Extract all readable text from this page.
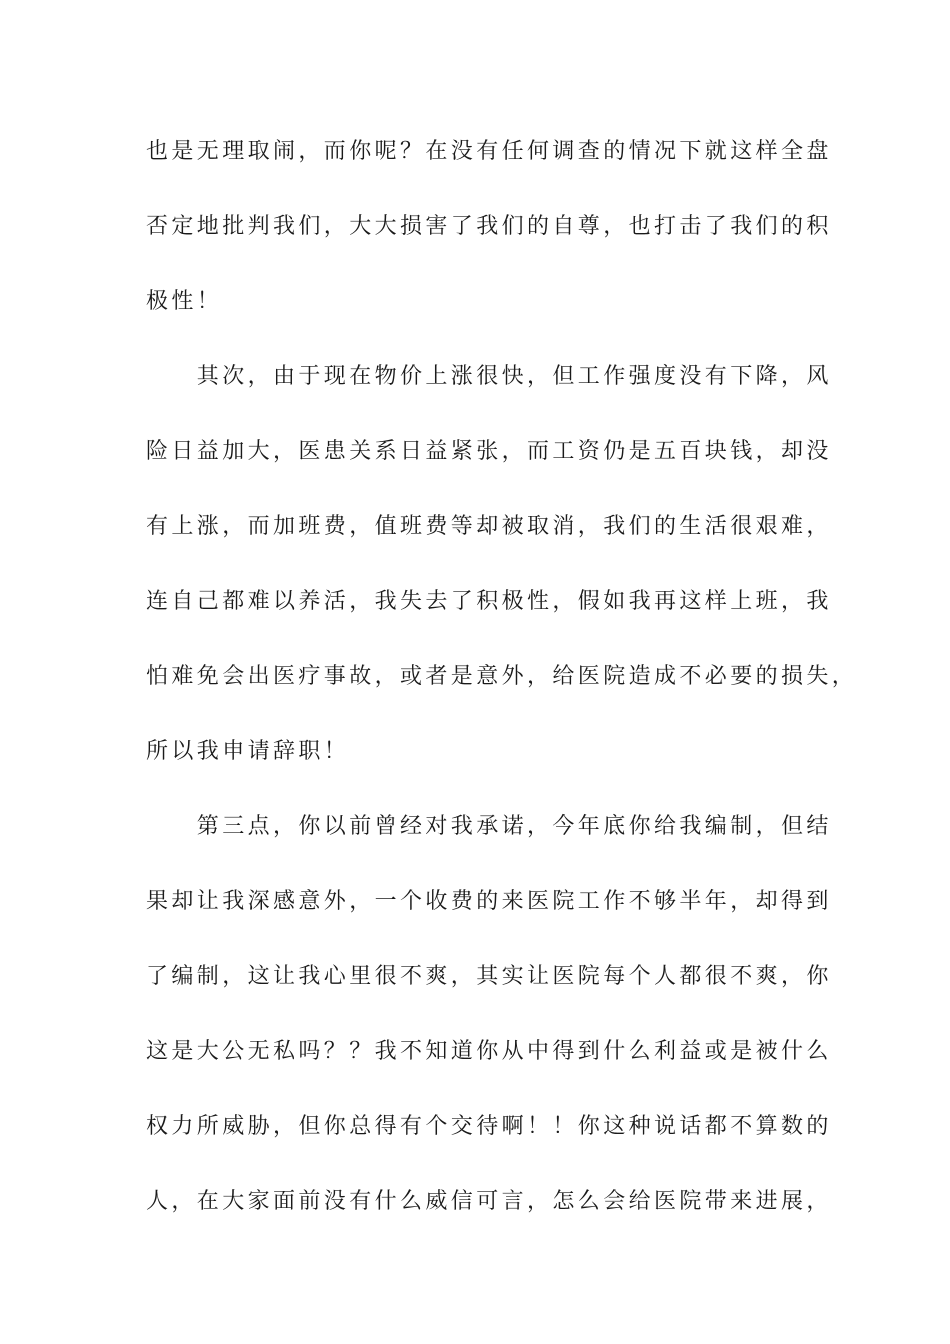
也是无理取闹，而你呢？在没有任何调查的情况下就这样全盘
否定地批判我们，大大损害了我们的自尊，也打击了我们的积
极性！
　　其次，由于现在物价上涨很快，但工作强度没有下降，风
险日益加大，医患关系日益紧张，而工资仍是五百块钱，却没
有上涨，而加班费，值班费等却被取消，我们的生活很艰难，
连自己都难以养活，我失去了积极性，假如我再这样上班，我
怕难免会出医疗事故，或者是意外，给医院造成不必要的损失，
所以我申请辞职！
　　第三点，你以前曾经对我承诺，今年底你给我编制，但结
果却让我深感意外，一个收费的来医院工作不够半年，却得到
了编制，这让我心里很不爽，其实让医院每个人都很不爽，你
这是大公无私吗？？我不知道你从中得到什么利益或是被什么
权力所威胁，但你总得有个交待啊！！你这种说话都不算数的
人，在大家面前没有什么威信可言，怎么会给医院带来进展，
